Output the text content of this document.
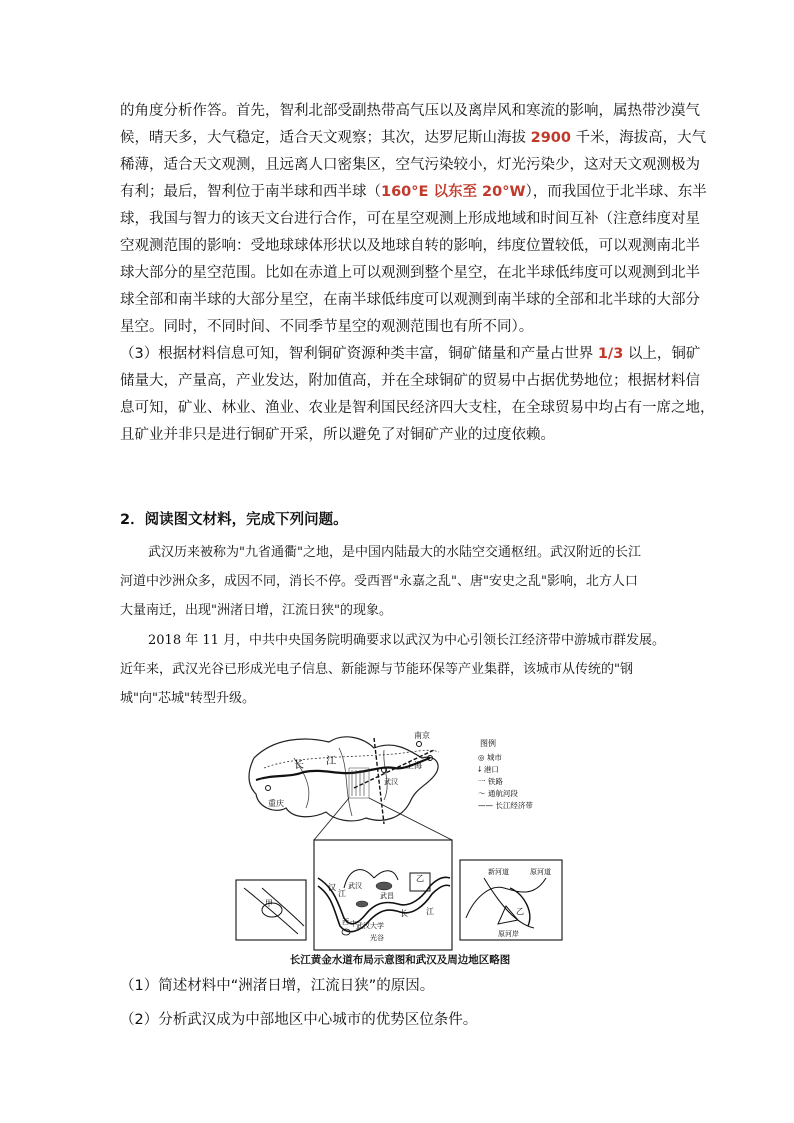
的角度分析作答。首先，智利北部受副热带高气压以及离岸风和寒流的影响，属热带沙漠气
候，晴天多，大气稳定，适合天文观察；其次，达罗尼斯山海拔 2900 千米，海拔高，大气
稀薄，适合天文观测，且远离人口密集区，空气污染较小，灯光污染少，这对天文观测极为
有利；最后，智利位于南半球和西半球（160°E 以东至 20°W），而我国位于北半球、东半
球，我国与智力的该天文台进行合作，可在星空观测上形成地域和时间互补（注意纬度对星
空观测范围的影响：受地球球体形状以及地球自转的影响，纬度位置较低，可以观测南北半
球大部分的星空范围。比如在赤道上可以观测到整个星空，在北半球低纬度可以观测到北半
球全部和南半球的大部分星空，在南半球低纬度可以观测到南半球的全部和北半球的大部分
星空。同时，不同时间、不同季节星空的观测范围也有所不同）。
（3）根据材料信息可知，智利铜矿资源种类丰富，铜矿储量和产量占世界 1/3 以上，铜矿
储量大，产量高，产业发达，附加值高，并在全球铜矿的贸易中占据优势地位；根据材料信
息可知，矿业、林业、渔业、农业是智利国民经济四大支柱，在全球贸易中均占有一席之地，
且矿业并非只是进行铜矿开采，所以避免了对铜矿产业的过度依赖。
2．阅读图文材料，完成下列问题。
武汉历来被称为"九省通衢"之地，是中国内陆最大的水陆空交通枢纽。武汉附近的长江
河道中沙洲众多，成因不同，消长不停。受西晋"永嘉之乱"、唐"安史之乱"影响，北方人口
大量南迁，出现"洲渚日增，江流日狭"的现象。
2018 年 11 月，中共中央国务院明确要求以武汉为中心引领长江经济带中游城市群发展。
近年来，武汉光谷已形成光电子信息、新能源与节能环保等产业集群，该城市从传统的"钢
城"向"芯城"转型升级。
南京
上海
长 江
重庆
武汉
图例
◎ 城市
⸸ 港口
一 铁路
～ 通航河段
—— 长江经济带
甲
汉
江
武汉
武昌
中
西 武汉大学
光谷
长 江
乙
新河道	原河道
乙
原河岸
长江黄金水道布局示意图和武汉及周边地区略图
（1）简述材料中“洲渚日增，江流日狭”的原因。
（2）分析武汉成为中部地区中心城市的优势区位条件。
